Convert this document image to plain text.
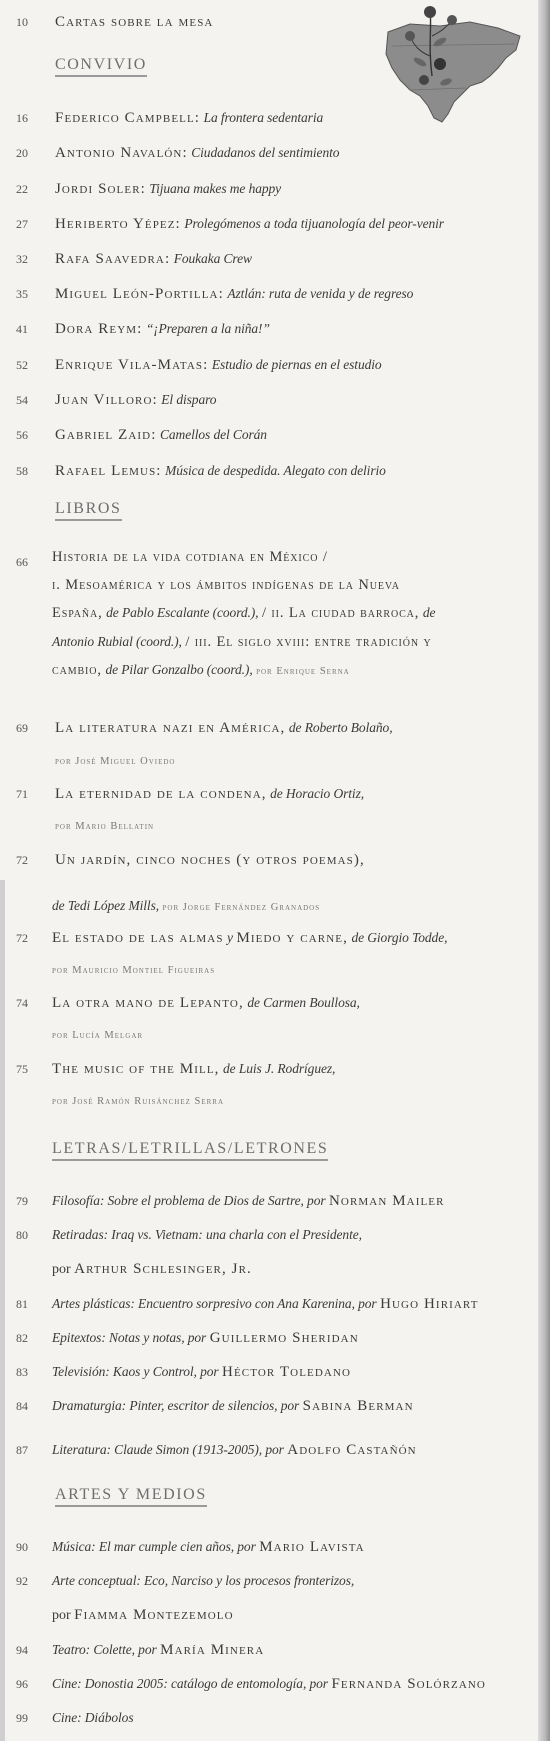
10	Cartas sobre la mesa
CONVIVIO
16	Federico Campbell: La frontera sedentaria
20	Antonio Navalón: Ciudadanos del sentimiento
22	Jordi Soler: Tijuana makes me happy
27	Heriberto Yépez: Prolegómenos a toda tijuanología del peor-venir
32	Rafa Saavedra: Foukaka Crew
35	Miguel León-Portilla: Aztlán: ruta de venida y de regreso
41	Dora Reym: “¡Preparen a la niña!”
52	Enrique Vila-Matas: Estudio de piernas en el estudio
54	Juan Villoro: El disparo
56	Gabriel Zaid: Camellos del Corán
58	Rafael Lemus: Música de despedida. Alegato con delirio
LIBROS
66	Historia de la vida cotdiana en México /
i. Mesoamérica y los ámbitos indígenas de la Nueva
España, de Pablo Escalante (coord.), / ii. La ciudad barroca, de
Antonio Rubial (coord.), / iii. El siglo xviii: entre tradición y
cambio, de Pilar Gonzalbo (coord.), por Enrique Serna
69	La literatura nazi en América, de Roberto Bolaño,
por José Miguel Oviedo
71	La eternidad de la condena, de Horacio Ortiz,
por Mario Bellatin
72	Un jardín, cinco noches (y otros poemas),
de Tedi López Mills, por Jorge Fernández Granados
72	El estado de las almas y Miedo y carne, de Giorgio Todde,
por Mauricio Montiel Figueiras
74	La otra mano de Lepanto, de Carmen Boullosa,
por Lucía Melgar
75	The music of the Mill, de Luis J. Rodríguez,
por José Ramón Ruisánchez Serra
LETRAS/LETRILLAS/LETRONES
79	Filosofía: Sobre el problema de Dios de Sartre, por Norman Mailer
80	Retiradas: Iraq vs. Vietnam: una charla con el Presidente,
por Arthur Schlesinger, Jr.
81	Artes plásticas: Encuentro sorpresivo con Ana Karenina, por Hugo Hiriart
82	Epitextos: Notas y notas, por Guillermo Sheridan
83	Televisión: Kaos y Control, por Héctor Toledano
84	Dramaturgia: Pinter, escritor de silencios, por Sabina Berman
87	Literatura: Claude Simon (1913-2005), por Adolfo Castañón
ARTES Y MEDIOS
90	Música: El mar cumple cien años, por Mario Lavista
92	Arte conceptual: Eco, Narciso y los procesos fronterizos,
por Fiamma Montezemolo
94	Teatro: Colette, por María Minera
96	Cine: Donostia 2005: catálogo de entomología, por Fernanda Solórzano
99	Cine: Diábolos
